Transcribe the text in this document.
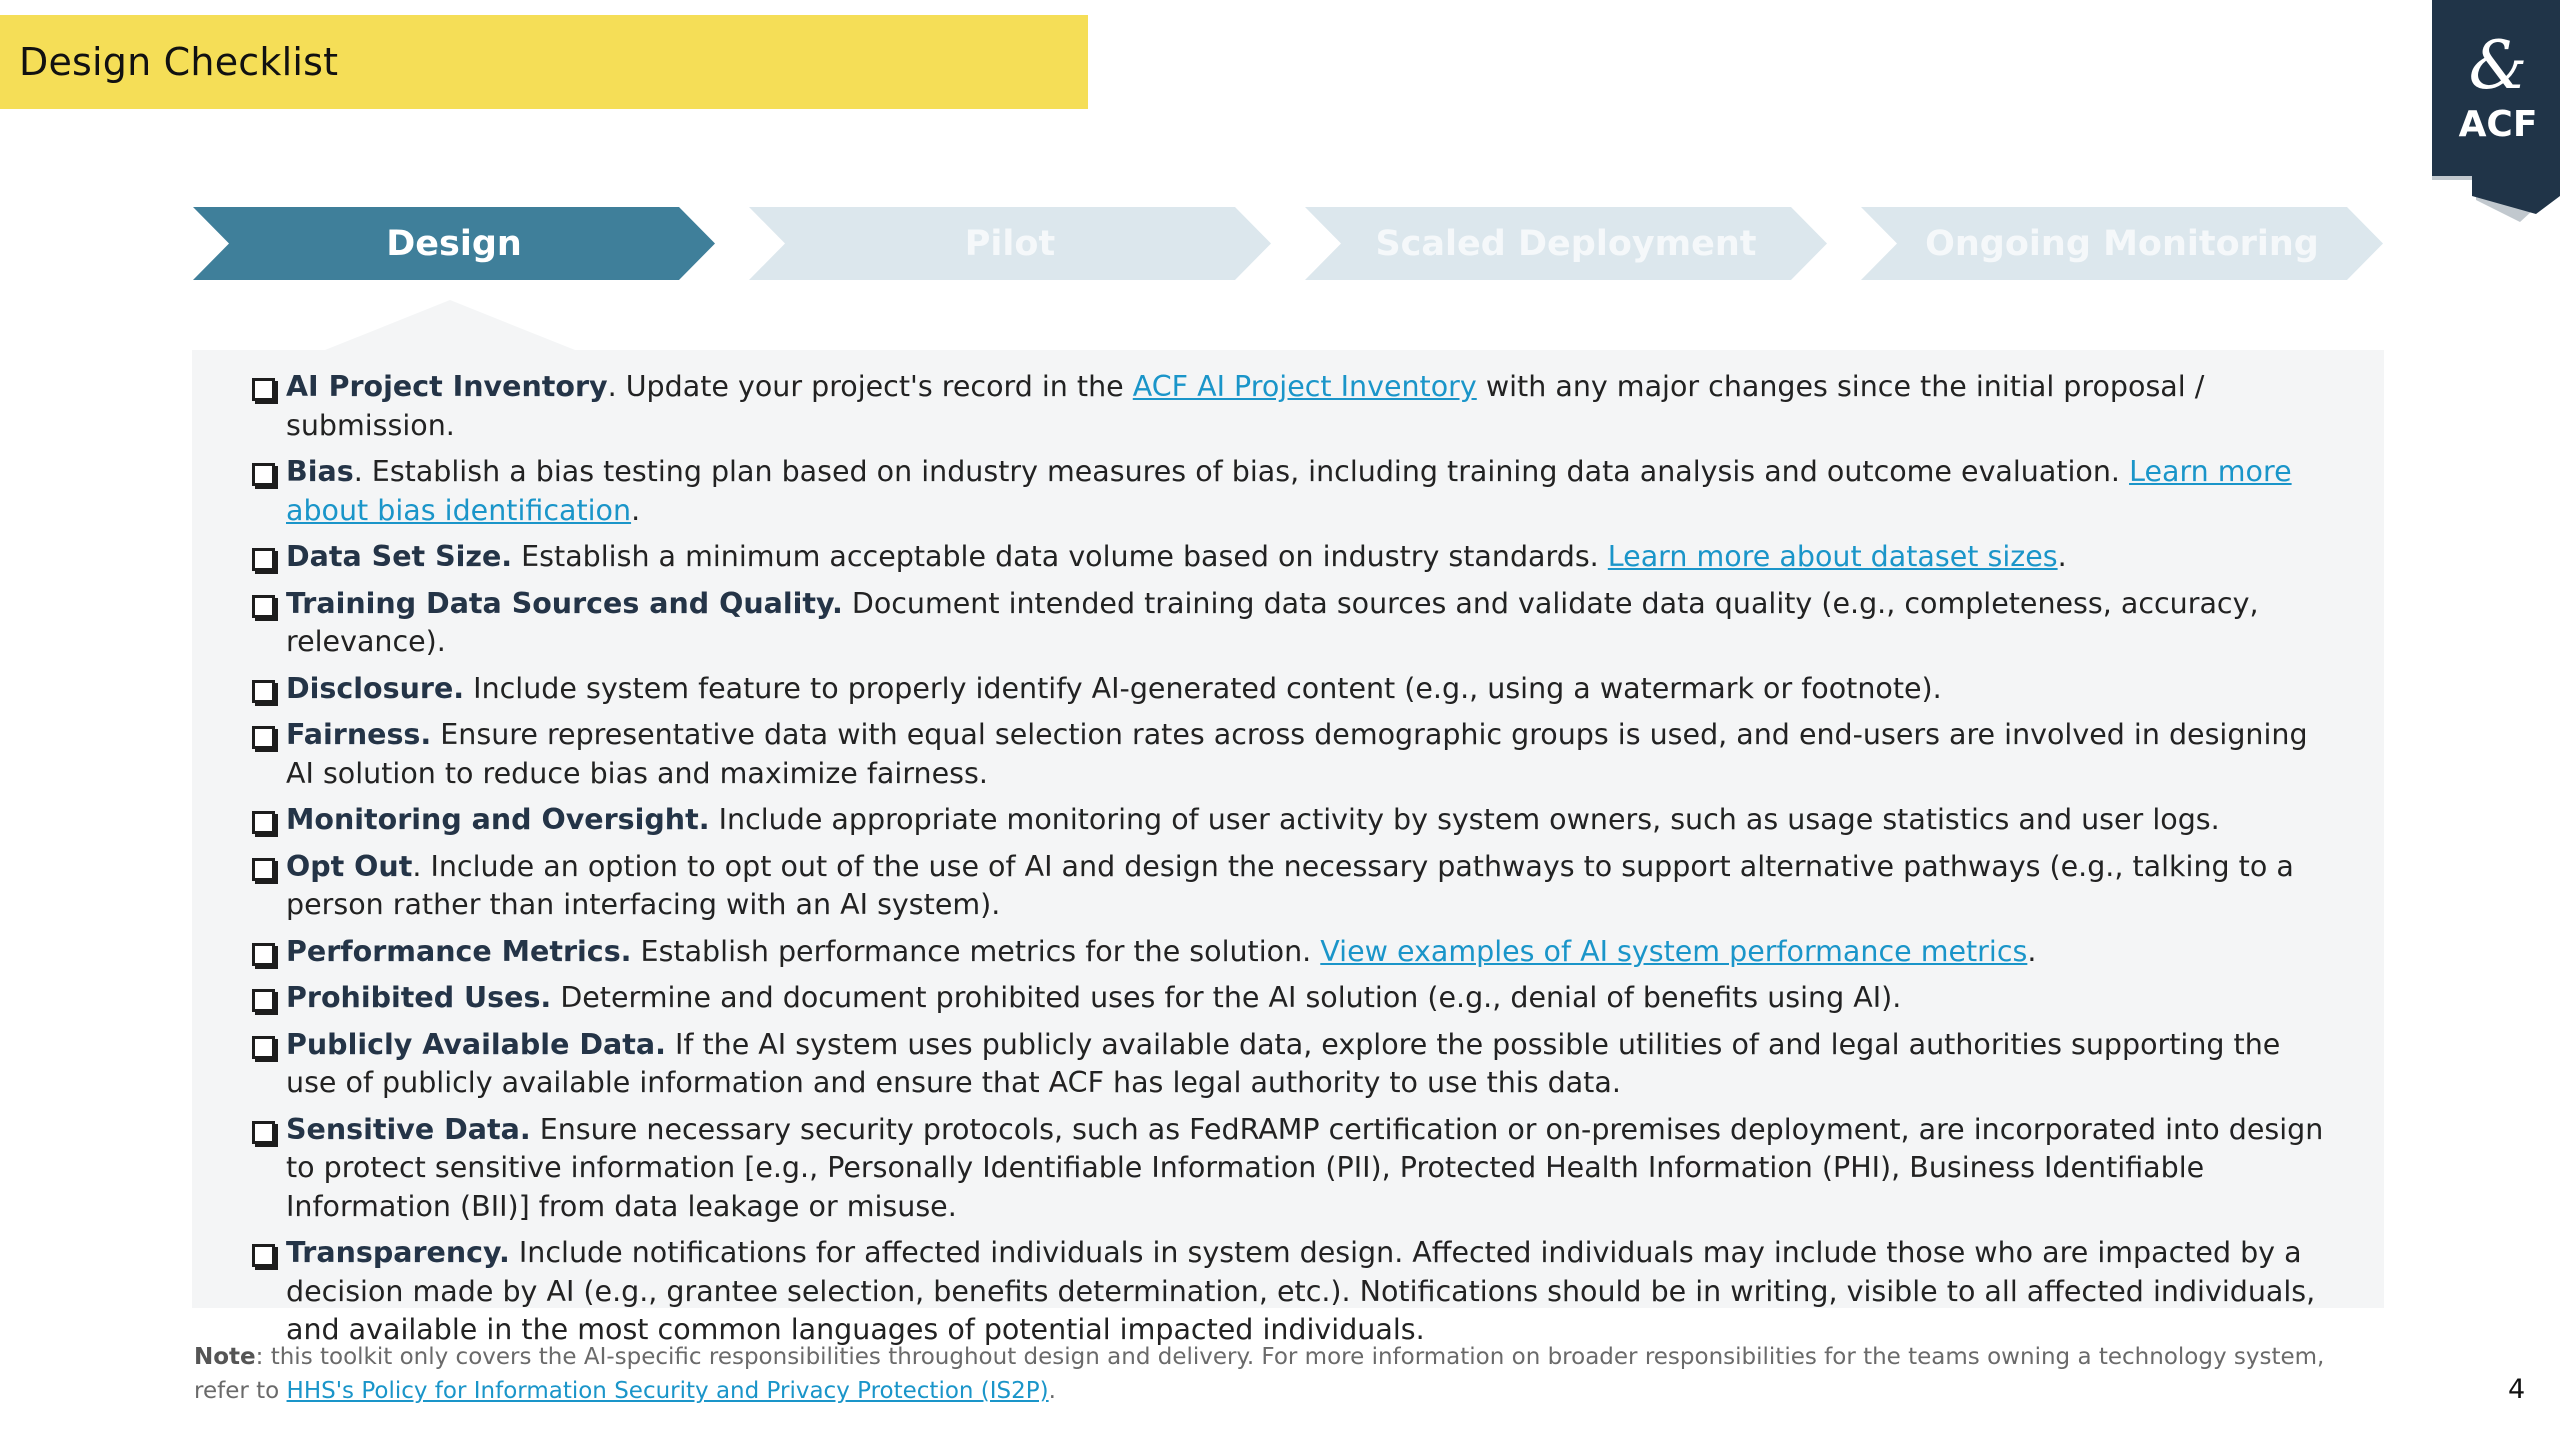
Design Checklist	&
ACF
Design	Pilot	Scaled Deployment	Ongoing Monitoring
AI Project Inventory. Update your project's record in the ACF AI Project Inventory with any major changes since the initial proposal / submission.
Bias. Establish a bias testing plan based on industry measures of bias, including training data analysis and outcome evaluation. Learn more about bias identification.
Data Set Size. Establish a minimum acceptable data volume based on industry standards. Learn more about dataset sizes.
Training Data Sources and Quality. Document intended training data sources and validate data quality (e.g., completeness, accuracy, relevance).
Disclosure. Include system feature to properly identify AI-generated content (e.g., using a watermark or footnote).
Fairness. Ensure representative data with equal selection rates across demographic groups is used, and end-users are involved in designing AI solution to reduce bias and maximize fairness.
Monitoring and Oversight. Include appropriate monitoring of user activity by system owners, such as usage statistics and user logs.
Opt Out. Include an option to opt out of the use of AI and design the necessary pathways to support alternative pathways (e.g., talking to a person rather than interfacing with an AI system).
Performance Metrics. Establish performance metrics for the solution. View examples of AI system performance metrics.
Prohibited Uses. Determine and document prohibited uses for the AI solution (e.g., denial of benefits using AI).
Publicly Available Data. If the AI system uses publicly available data, explore the possible utilities of and legal authorities supporting the use of publicly available information and ensure that ACF has legal authority to use this data.
Sensitive Data. Ensure necessary security protocols, such as FedRAMP certification or on-premises deployment, are incorporated into design to protect sensitive information [e.g., Personally Identifiable Information (PII), Protected Health Information (PHI), Business Identifiable Information (BII)] from data leakage or misuse.
Transparency. Include notifications for affected individuals in system design. Affected individuals may include those who are impacted by a decision made by AI (e.g., grantee selection, benefits determination, etc.). Notifications should be in writing, visible to all affected individuals, and available in the most common languages of potential impacted individuals.
Note: this toolkit only covers the AI-specific responsibilities throughout design and delivery. For more information on broader responsibilities for the teams owning a technology system, refer to HHS's Policy for Information Security and Privacy Protection (IS2P).	4
